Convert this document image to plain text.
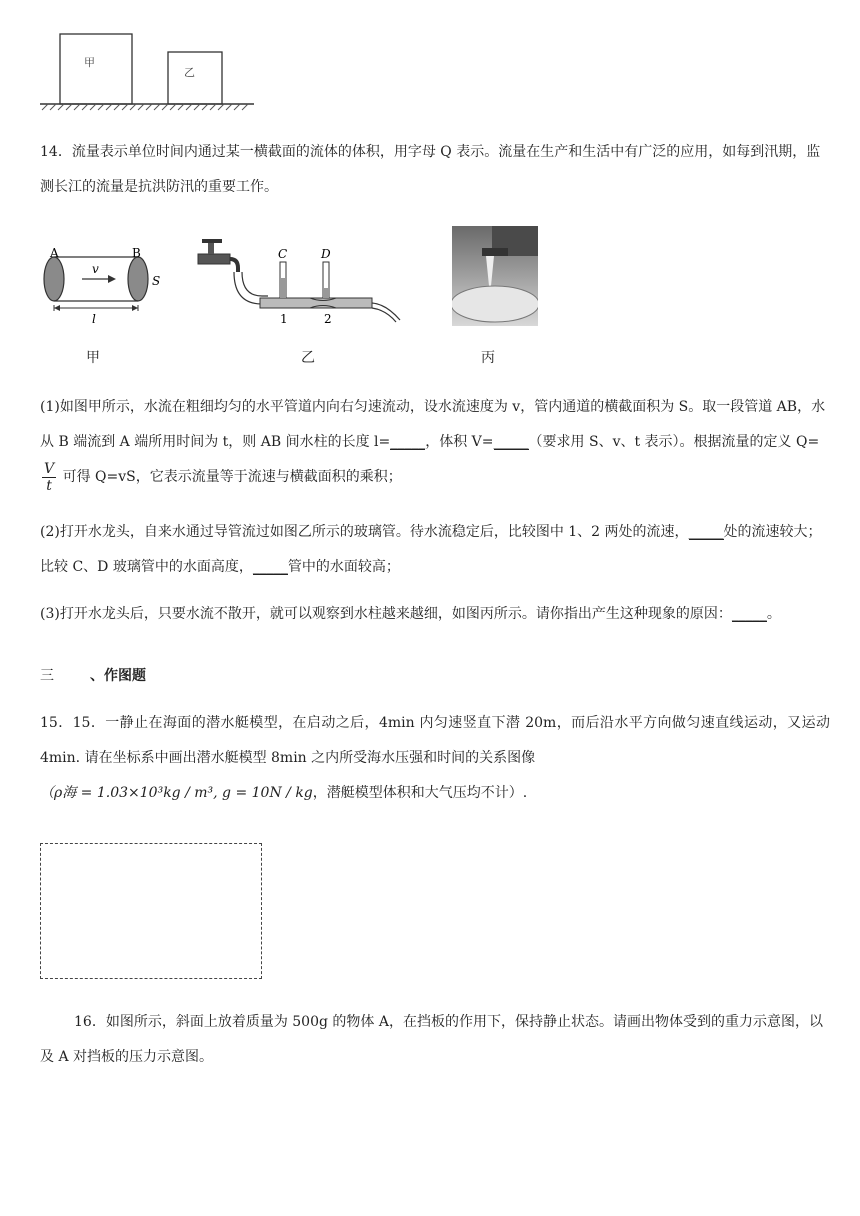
甲
乙

14．流量表示单位时间内通过某一横截面的流体的体积，用字母 Q 表示。流量在生产和生活中有广泛的应用，如每到汛期，监测长江的流量是抗洪防汛的重要工作。

A	B
v
S
l
甲
C	D
1	2
乙	丙

(1)如图甲所示，水流在粗细均匀的水平管道内向右匀速流动，设水流速度为 v，管内通道的横截面积为 S。取一段管道 AB，水从 B 端流到 A 端所用时间为 t，则 AB 间水柱的长度 l=_____，体积 V=_____（要求用 S、v、t 表示）。根据流量的定义 Q=
$\frac{V}{t}$ 可得 Q=vS，它表示流量等于流速与横截面积的乘积；

(2)打开水龙头，自来水通过导管流过如图乙所示的玻璃管。待水流稳定后，比较图中 1、2 两处的流速，_____处的流速较大；比较 C、D 玻璃管中的水面高度，_____管中的水面较高；

(3)打开水龙头后，只要水流不散开，就可以观察到水柱越来越细，如图丙所示。请你指出产生这种现象的原因：_____。

三	、作图题

15．15．一静止在海面的潜水艇模型，在启动之后，4min 内匀速竖直下潜 20m，而后沿水平方向做匀速直线运动，又运动 4min. 请在坐标系中画出潜水艇模型 8min 之内所受海水压强和时间的关系图像
（ρ海 = 1.03×10³kg / m³, g = 10N / kg，潜艇模型体积和大气压均不计）.

16．如图所示，斜面上放着质量为 500g 的物体 A，在挡板的作用下，保持静止状态。请画出物体受到的重力示意图，以及 A 对挡板的压力示意图。
